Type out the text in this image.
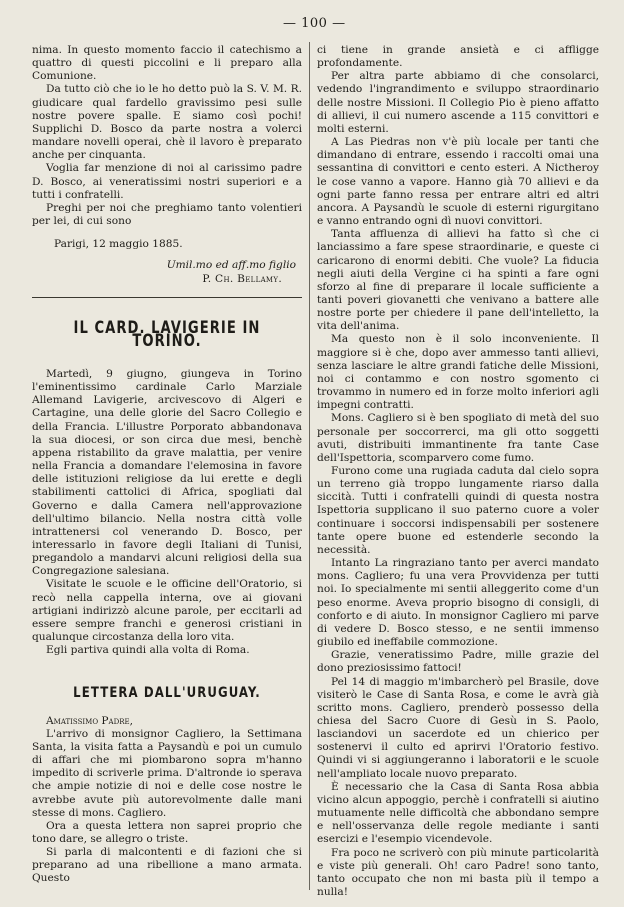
— 100 —

nima. In questo momento faccio il catechismo a quattro di questi piccolini e li preparo alla Comunione.

Da tutto ciò che io le ho detto può la S. V. M. R. giudicare qual fardello gravissimo pesi sulle nostre povere spalle. E siamo così pochi! Supplichi D. Bosco da parte nostra a volerci mandare novelli operai, chè il lavoro è preparato anche per cinquanta.

Voglia far menzione di noi al carissimo padre D. Bosco, ai veneratissimi nostri superiori e a tutti i confratelli.

Preghi per noi che preghiamo tanto volentieri per lei, di cui sono

Parigi, 12 maggio 1885.

Umil.mo ed aff.mo figlio

P. Ch. Bellamy.

IL CARD. LAVIGERIE IN TORINO.

Martedì, 9 giugno, giungeva in Torino l'eminentissimo cardinale Carlo Marziale Allemand Lavigerie, arcivescovo di Algeri e Cartagine, una delle glorie del Sacro Collegio e della Francia. L'illustre Porporato abbandonava la sua diocesi, or son circa due mesi, benchè appena ristabilito da grave malattia, per venire nella Francia a domandare l'elemosina in favore delle istituzioni religiose da lui erette e degli stabilimenti cattolici di Africa, spogliati dal Governo e dalla Camera nell'approvazione dell'ultimo bilancio. Nella nostra città volle intrattenersi col venerando D. Bosco, per interessarlo in favore degli Italiani di Tunisi, pregandolo a mandarvi alcuni religiosi della sua Congregazione salesiana.

Visitate le scuole e le officine dell'Oratorio, si recò nella cappella interna, ove ai giovani artigiani indirizzò alcune parole, per eccitarli ad essere sempre franchi e generosi cristiani in qualunque circostanza della loro vita.

Egli partiva quindi alla volta di Roma.

LETTERA DALL'URUGUAY.

Amatissimo Padre,

L'arrivo di monsignor Cagliero, la Settimana Santa, la visita fatta a Paysandù e poi un cumulo di affari che mi piombarono sopra m'hanno impedito di scriverle prima. D'altronde io sperava che ampie notizie di noi e delle cose nostre le avrebbe avute più autorevolmente dalle mani stesse di mons. Cagliero.

Ora a questa lettera non saprei proprio che tono dare, se allegro o triste.

Si parla di malcontenti e di fazioni che si preparano ad una ribellione a mano armata. Questo

ci tiene in grande ansietà e ci affligge profondamente.

Per altra parte abbiamo di che consolarci, vedendo l'ingrandimento e sviluppo straordinario delle nostre Missioni. Il Collegio Pio è pieno affatto di allievi, il cui numero ascende a 115 convittori e molti esterni.

A Las Piedras non v'è più locale per tanti che dimandano di entrare, essendo i raccolti omai una sessantina di convittori e cento esteri. A Nictheroy le cose vanno a vapore. Hanno già 70 allievi e da ogni parte fanno ressa per entrare altri ed altri ancora. A Paysandù le scuole di esterni rigurgitano e vanno entrando ogni dì nuovi convittori.

Tanta affluenza di allievi ha fatto sì che ci lanciassimo a fare spese straordinarie, e queste ci caricarono di enormi debiti. Che vuole? La fiducia negli aiuti della Vergine ci ha spinti a fare ogni sforzo al fine di preparare il locale sufficiente a tanti poveri giovanetti che venivano a battere alle nostre porte per chiedere il pane dell'intelletto, la vita dell'anima.

Ma questo non è il solo inconveniente. Il maggiore si è che, dopo aver ammesso tanti allievi, senza lasciare le altre grandi fatiche delle Missioni, noi ci contammo e con nostro sgomento ci trovammo in numero ed in forze molto inferiori agli impegni contratti.

Mons. Cagliero si è ben spogliato di metà del suo personale per soccorrerci, ma gli otto soggetti avuti, distribuiti immantinente fra tante Case dell'Ispettoria, scomparvero come fumo.

Furono come una rugiada caduta dal cielo sopra un terreno già troppo lungamente riarso dalla siccità. Tutti i confratelli quindi di questa nostra Ispettoria supplicano il suo paterno cuore a voler continuare i soccorsi indispensabili per sostenere tante opere buone ed estenderle secondo la necessità.

Intanto La ringraziano tanto per averci mandato mons. Cagliero; fu una vera Provvidenza per tutti noi. Io specialmente mi sentii alleggerito come d'un peso enorme. Aveva proprio bisogno di consigli, di conforto e di aiuto. In monsignor Cagliero mi parve di vedere D. Bosco stesso, e ne sentii immenso giubilo ed ineffabile commozione.

Grazie, veneratissimo Padre, mille grazie del dono preziosissimo fattoci!

Pel 14 di maggio m'imbarcherò pel Brasile, dove visiterò le Case di Santa Rosa, e come le avrà già scritto mons. Cagliero, prenderò possesso della chiesa del Sacro Cuore di Gesù in S. Paolo, lasciandovi un sacerdote ed un chierico per sostenervi il culto ed aprirvi l'Oratorio festivo. Quindi vi si aggiungeranno i laboratorii e le scuole nell'ampliato locale nuovo preparato.

È necessario che la Casa di Santa Rosa abbia vicino alcun appoggio, perchè i confratelli si aiutino mutuamente nelle difficoltà che abbondano sempre e nell'osservanza delle regole mediante i santi esercizi e l'esempio vicendevole.

Fra poco ne scriverò con più minute particolarità e viste più generali. Oh! caro Padre! sono tanto, tanto occupato che non mi basta più il tempo a nulla!
